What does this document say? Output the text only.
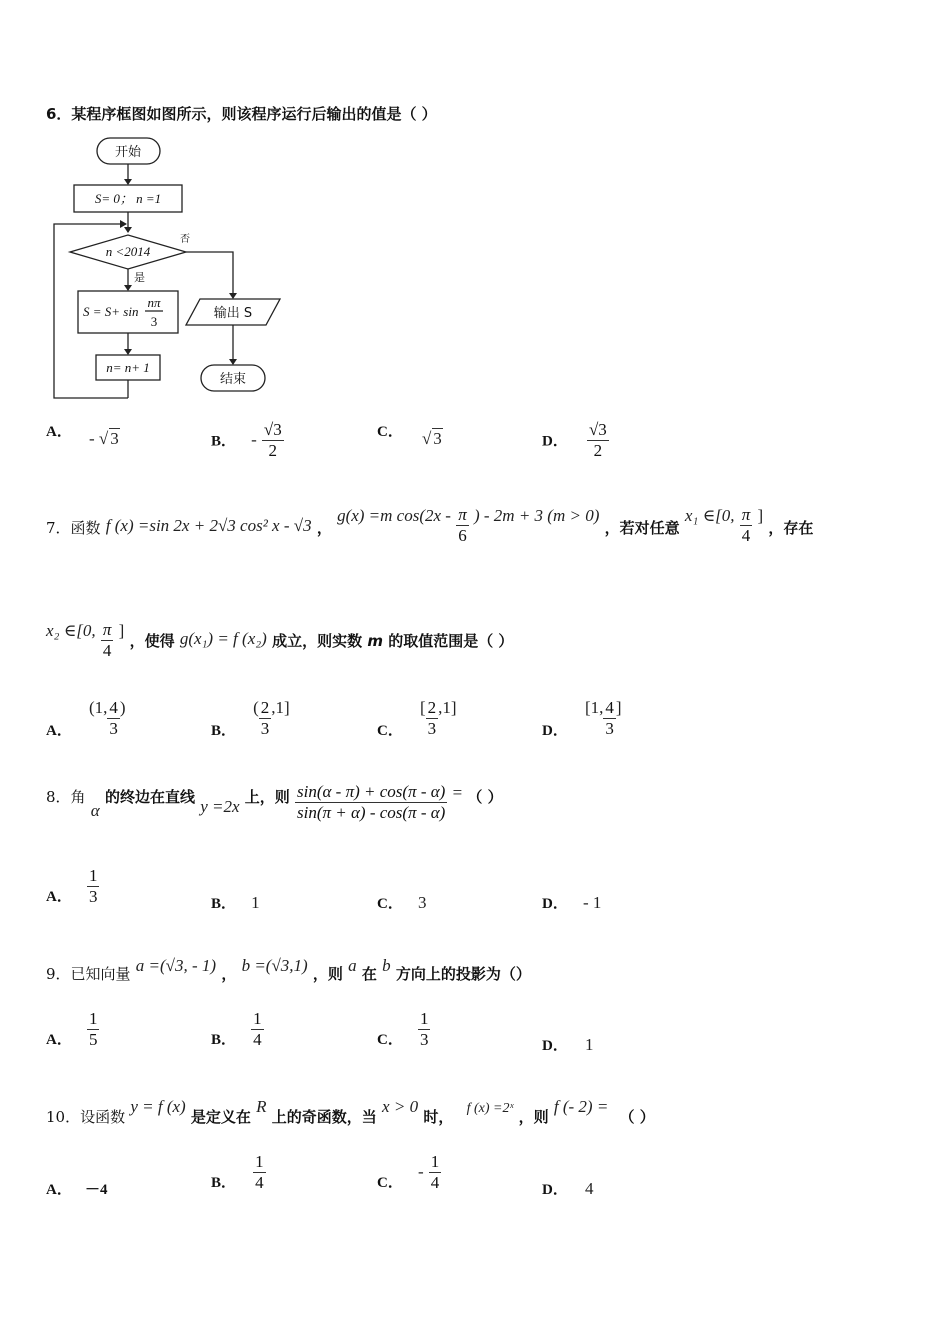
6．某程序框图如图所示，则该程序运行后输出的值是（ ）
开始
S= 0； n =1
n <2014
否
是
S = S+ sin
nπ
3
n= n+ 1
输出 S
结束
A． - √ 3	B． - $\frac{√3}{2}$	C． √ 3	D． $\frac{√3}{2}$
7．函数 f (x) =sin 2x + 2√3 cos² x - √3 ， g(x) =m $\cos(2x - \frac{\pi}{6}$ ) - 2m + 3 (m > 0) ，若对任意 x₁ ∈[0, $\frac{\pi}{4}$ ] ，存在
x₂ ∈[0, $\frac{\pi}{4}$ ] ，使得 g(x₁) = f (x₂) 成立，则实数 m 的取值范围是（ ）
A． (1, $\frac{4}{3}$ )
B． ( $\frac{2}{3} ,1$]
C． [ $\frac{2}{3} ,1$]
D． [1, $\frac{4}{3}$ ]
8．角 α 的终边在直线 y =2x 上，则 $\frac{\sin(\alpha - \pi) + \cos(\pi - \alpha)}{\sin(\pi + \alpha) - \cos(\pi - \alpha)}$ = （ ）
A． $\frac{1}{3}$	B． 1	C． 3	D． - 1
9．已知向量 a =(√3, - 1) ， b =(√3,1) ，则 a 在 b 方向上的投影为（）
A． $\frac{1}{5}$	B． $\frac{1}{4}$	C． $\frac{1}{3}$	D． 1
10．设函数 y = f (x) 是定义在 R 上的奇函数，当 x > 0 时， f (x) =2ˣ ，则 f (- 2) = （ ）
A． －4	B． $\frac{1}{4}$	C． - $\frac{1}{4}$	D． 4
